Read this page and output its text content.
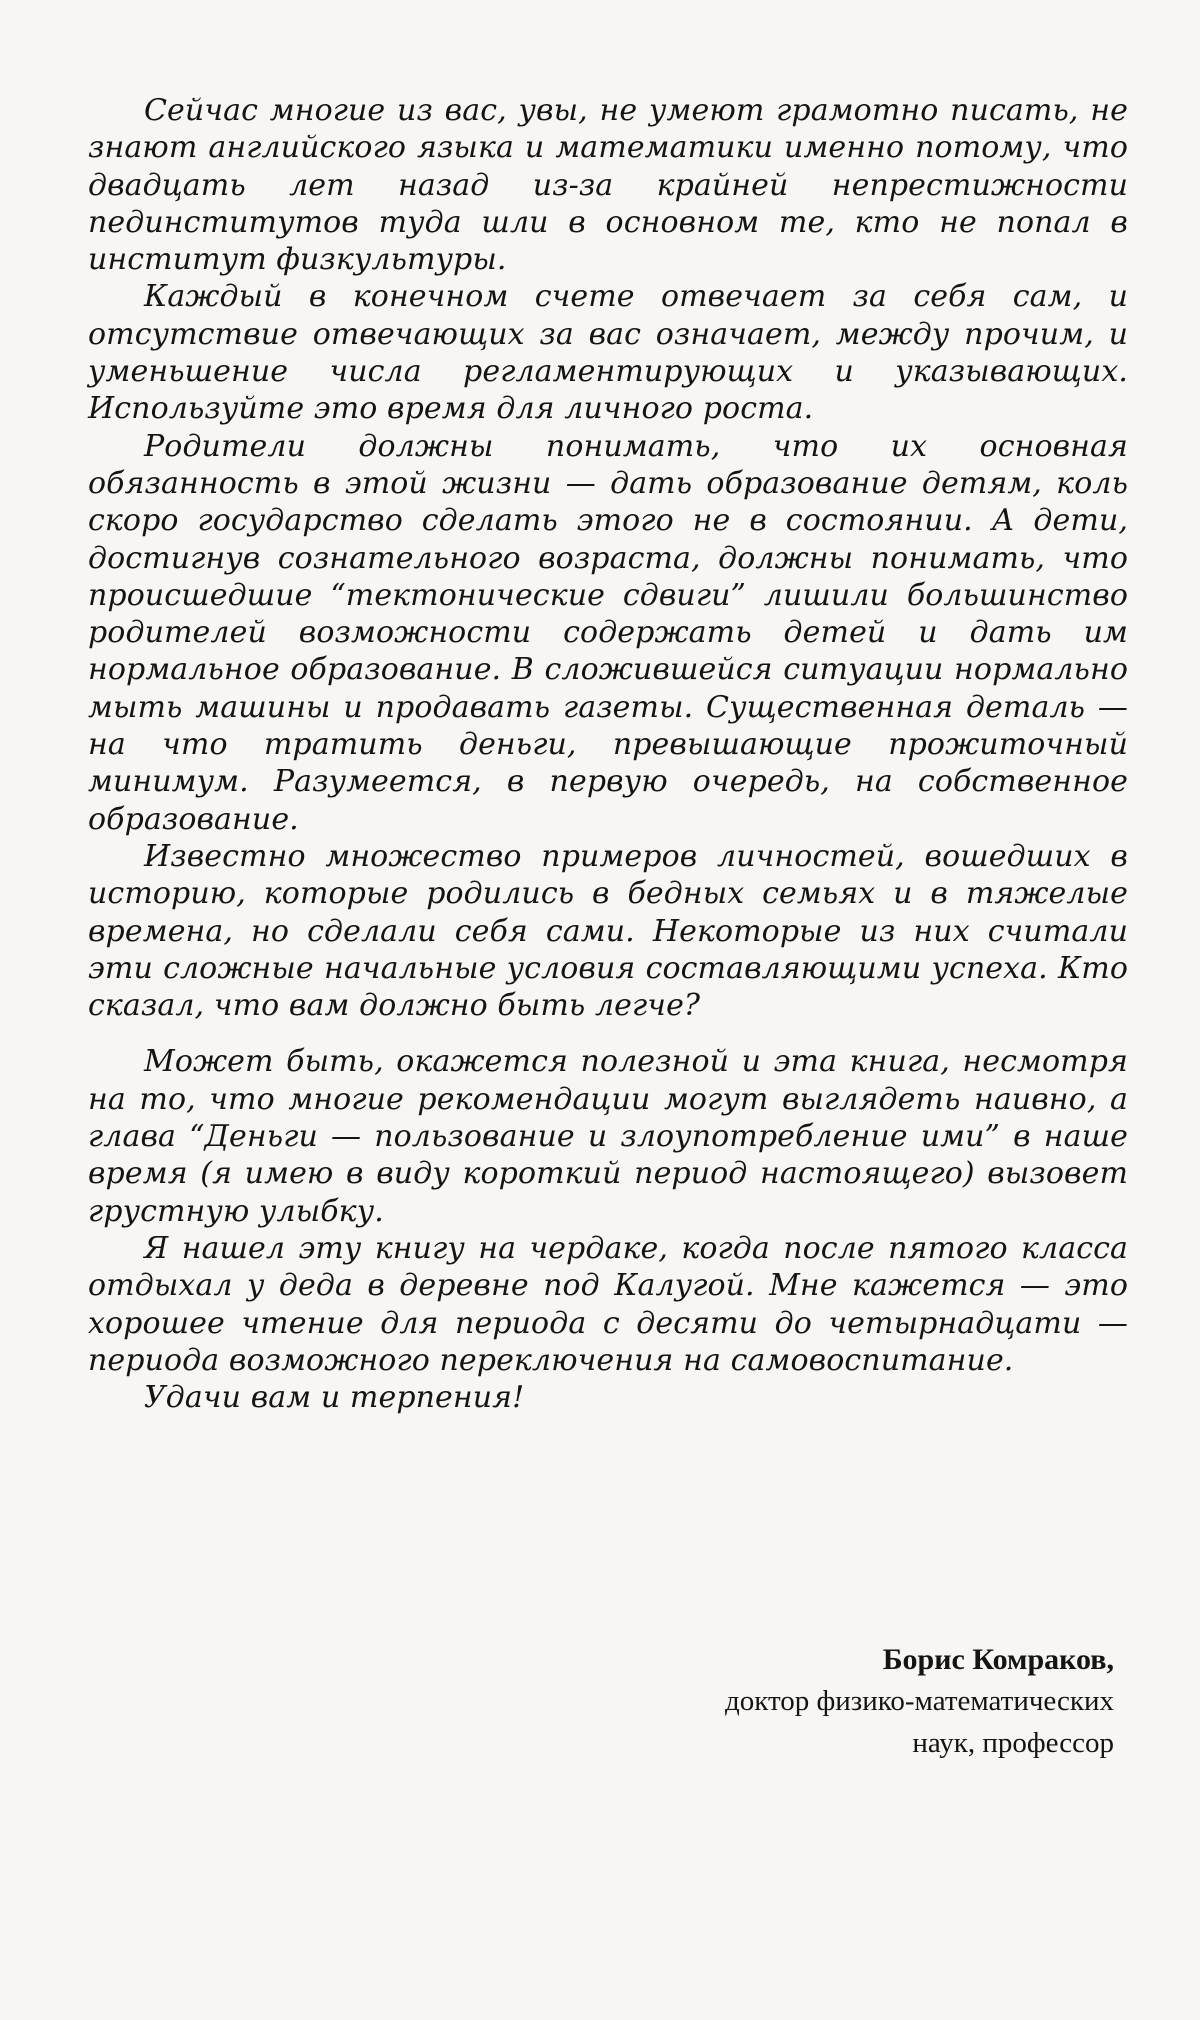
Сейчас многие из вас, увы, не умеют грамотно писать, не знают английского языка и математики именно потому, что двадцать лет назад из-за крайней непрестижности пединститутов туда шли в основном те, кто не попал в институт физкультуры.

Каждый в конечном счете отвечает за себя сам, и отсутствие отвечающих за вас означает, между прочим, и уменьшение числа регламентирующих и указывающих. Используйте это время для личного роста.

Родители должны понимать, что их основная обязанность в этой жизни — дать образование детям, коль скоро государство сделать этого не в состоянии. А дети, достигнув сознательного возраста, должны понимать, что происшедшие “тектонические сдвиги” лишили большинство родителей возможности содержать детей и дать им нормальное образование. В сложившейся ситуации нормально мыть машины и продавать газеты. Существенная деталь — на что тратить деньги, превышающие прожиточный минимум. Разумеется, в первую очередь, на собственное образование.

Известно множество примеров личностей, вошедших в историю, которые родились в бедных семьях и в тяжелые времена, но сделали себя сами. Некоторые из них считали эти сложные начальные условия составляющими успеха. Кто сказал, что вам должно быть легче?

Может быть, окажется полезной и эта книга, несмотря на то, что многие рекомендации могут выглядеть наивно, а глава “Деньги — пользование и злоупотребление ими” в наше время (я имею в виду короткий период настоящего) вызовет грустную улыбку.

Я нашел эту книгу на чердаке, когда после пятого класса отдыхал у деда в деревне под Калугой. Мне кажется — это хорошее чтение для периода с десяти до четырнадцати — периода возможного переключения на самовоспитание.

Удачи вам и терпения!

Борис Комраков,
доктор физико-математических
наук, профессор
